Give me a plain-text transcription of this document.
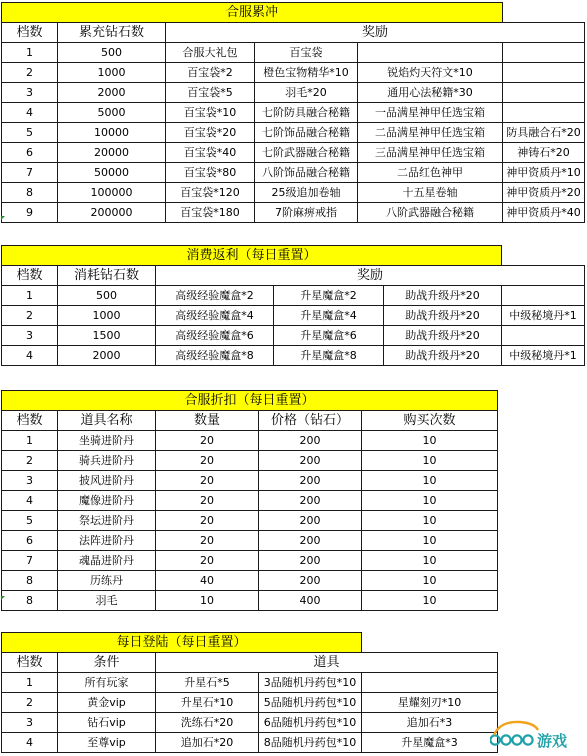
合服累冲					
档数	累充钻石数	奖励			
1	500	合服大礼包	百宝袋		
2	1000	百宝袋*2	橙色宝物精华*10	锐焰灼天符文*10	
3	2000	百宝袋*5	羽毛*20	通用心法秘籍*30	
4	5000	百宝袋*10	七阶防具融合秘籍	一品满星神甲任选宝箱	
5	10000	百宝袋*20	七阶饰品融合秘籍	二品满星神甲任选宝箱	防具融合石*20
6	20000	百宝袋*40	七阶武器融合秘籍	三品满星神甲任选宝箱	神铸石*20
7	50000	百宝袋*80	八阶饰品融合秘籍	二品红色神甲	神甲资质丹*10
8	100000	百宝袋*120	25级追加卷轴	十五星卷轴	神甲资质丹*20
9	200000	百宝袋*180	7阶麻痹戒指	八阶武器融合秘籍	神甲资质丹*40
消费返利（每日重置）					
档数	消耗钻石数	奖励			
1	500	高级经验魔盒*2	升星魔盒*2	助战升级丹*20	
2	1000	高级经验魔盒*4	升星魔盒*4	助战升级丹*20	中级秘境丹*1
3	1500	高级经验魔盒*6	升星魔盒*6	助战升级丹*20	
4	2000	高级经验魔盒*8	升星魔盒*8	助战升级丹*20	中级秘境丹*1
合服折扣（每日重置）				
档数	道具名称	数量	价格（钻石）	购买次数
1	坐骑进阶丹	20	200	10
2	骑兵进阶丹	20	200	10
3	披风进阶丹	20	200	10
4	魔像进阶丹	20	200	10
5	祭坛进阶丹	20	200	10
6	法阵进阶丹	20	200	10
7	魂晶进阶丹	20	200	10
8	历练丹	40	200	10
8	羽毛	10	400	10
每日登陆（每日重置）				
档数	条件	道具		
1	所有玩家	升星石*5	3品随机丹药包*10	
2	黄金vip	升星石*10	5品随机丹药包*10	星耀刻刃*10
3	钻石vip	洗练石*20	6品随机丹药包*10	追加石*3
4	至尊vip	追加石*20	8品随机丹药包*10	升星魔盒*3	游戏
